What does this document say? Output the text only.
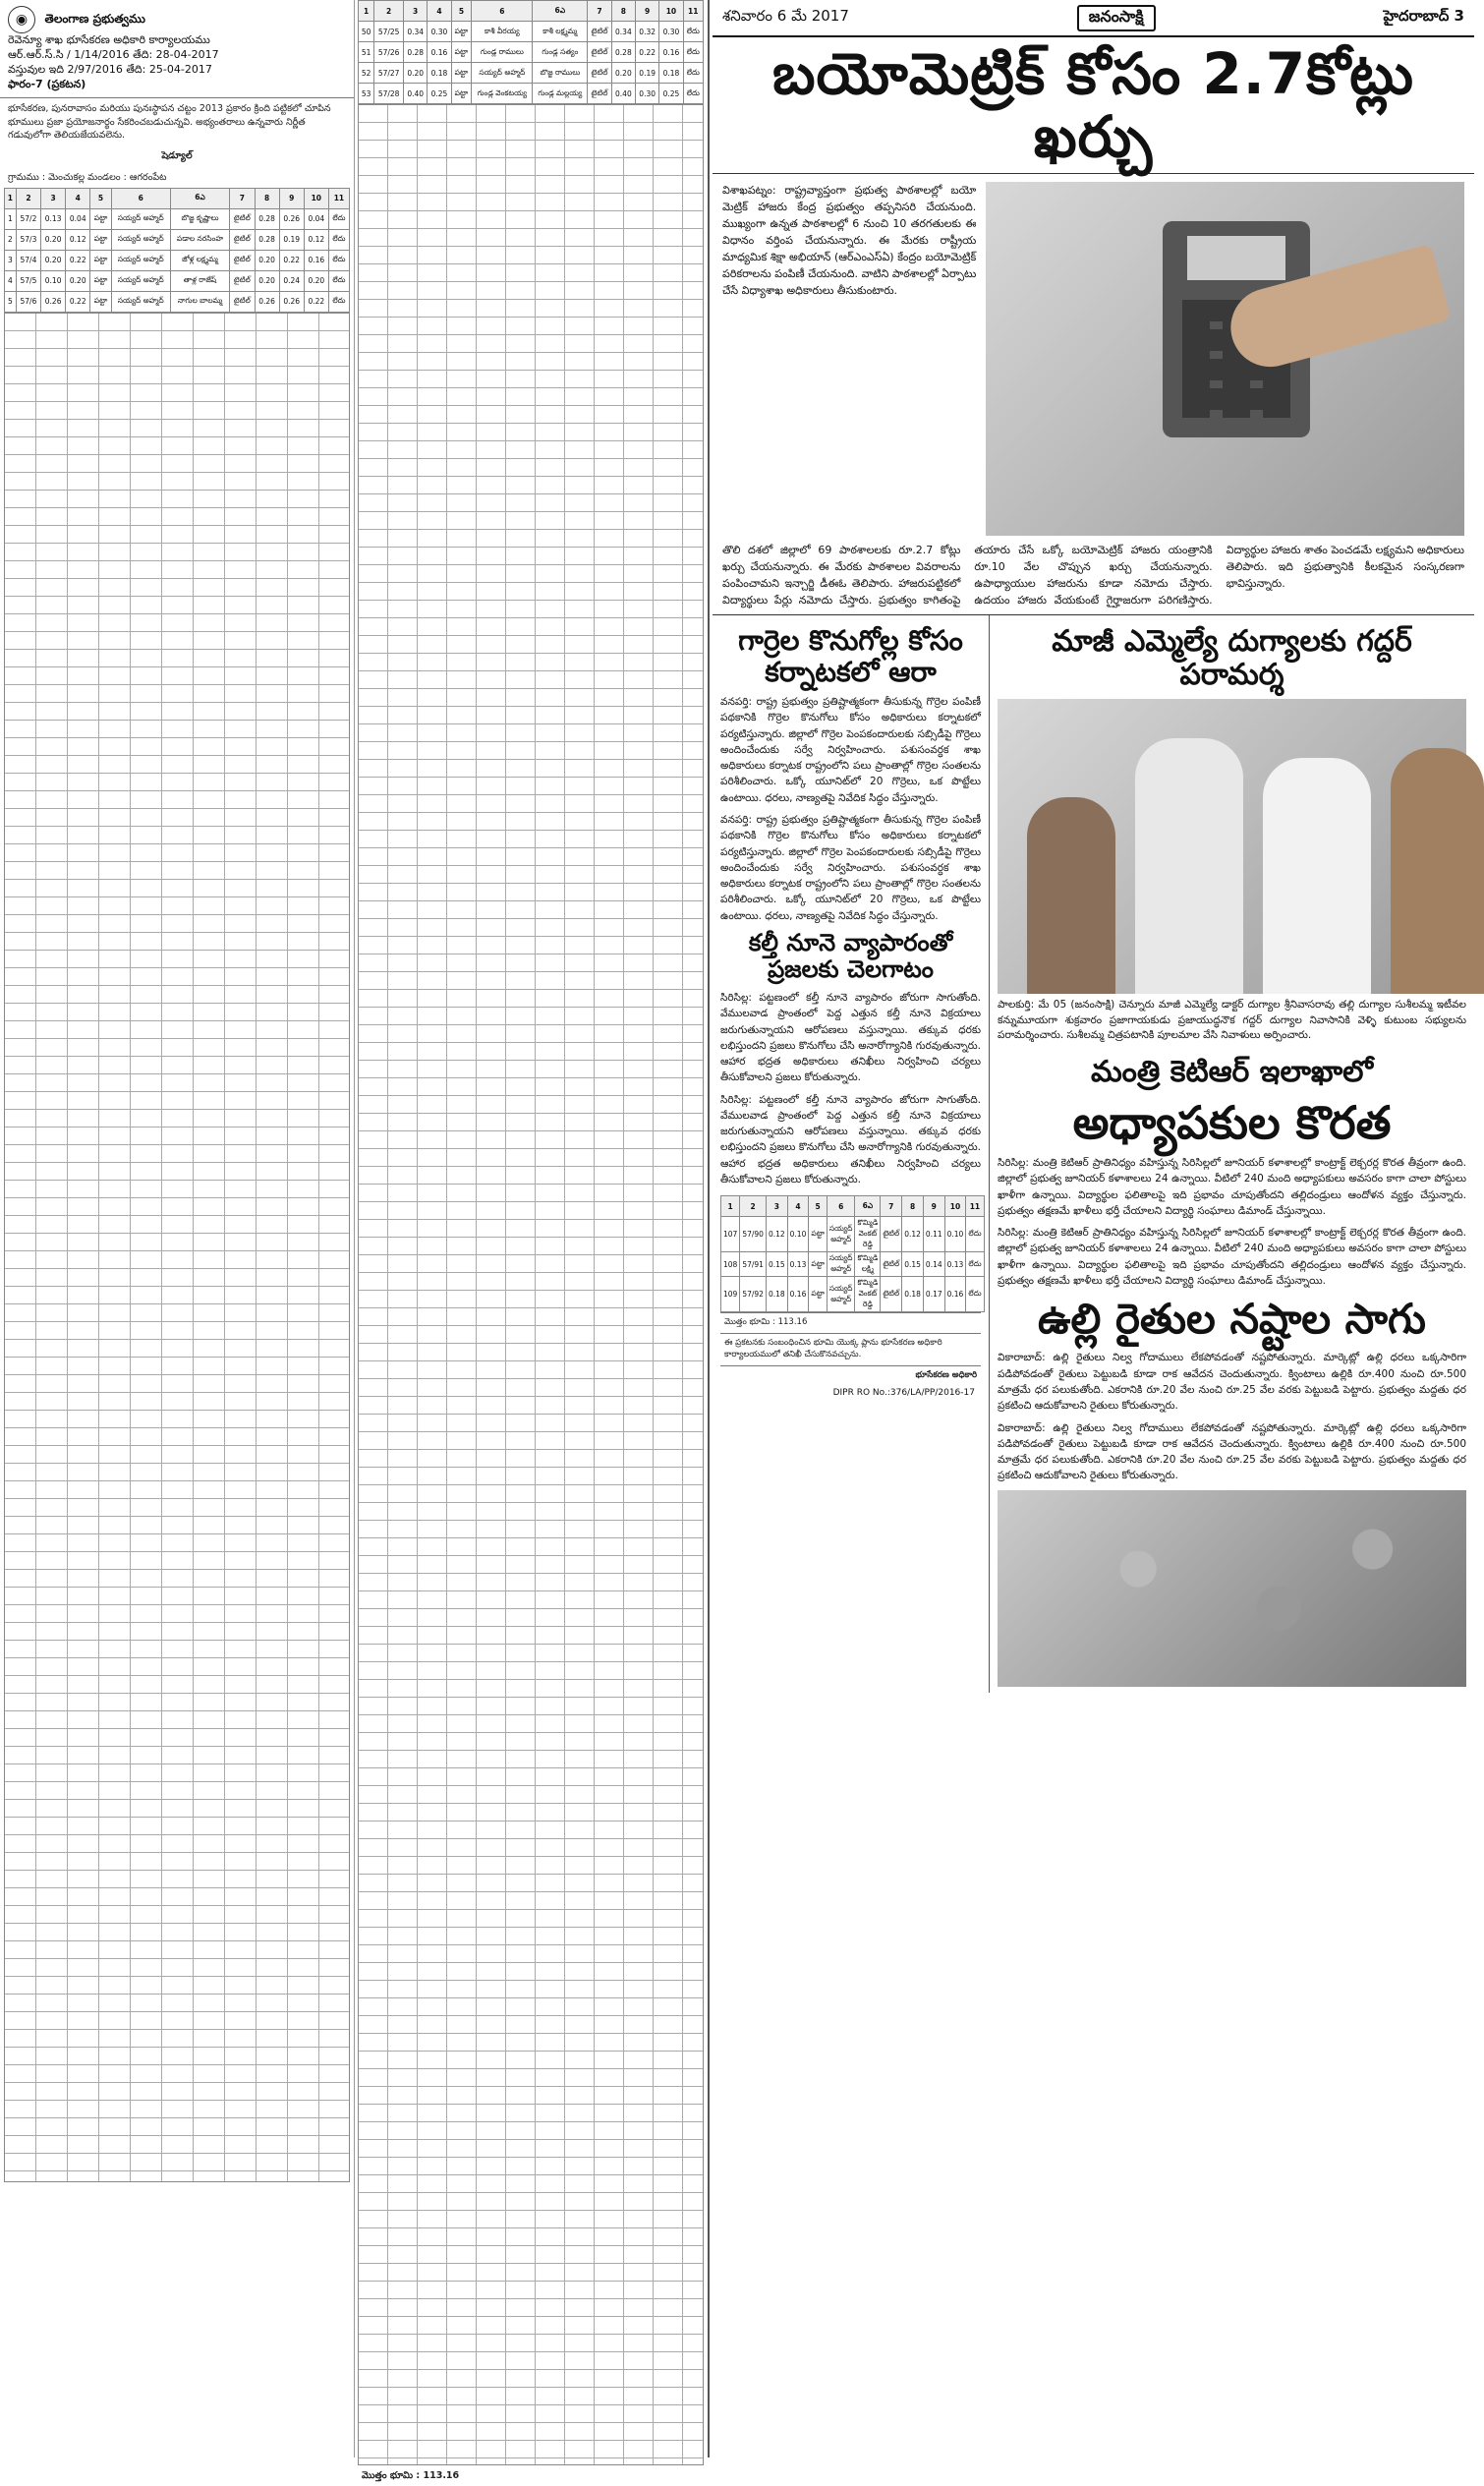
◉ తెలంగాణ ప్రభుత్వము
రెవెన్యూ శాఖ భూసేకరణ అధికారి కార్యాలయము
ఆర్.ఆర్.స్.సి / 1/14/2016 తేది: 28-04-2017
వస్తువుల ఇది 2/97/2016 తేది: 25-04-2017
ఫారం-7 (ప్రకటన)
భూసేకరణ, పునరావాసం మరియు పునఃస్థాపన చట్టం 2013 ప్రకారం క్రింది పట్టికలో చూపిన భూములు ప్రజా ప్రయోజనార్థం సేకరించబడుచున్నవి. అభ్యంతరాలు ఉన్నవారు నిర్ణీత గడువులోగా తెలియజేయవలెను.
షెడ్యూల్
గ్రామము : మెంచుకల్ల మండలం : ఆగరంపేట
1	2	3	4	5	6	6ఎ	7	8	9	10	11
1	57/2	0.13	0.04	పట్టా	సయ్యద్ అహ్మద్	బొజ్జ కృష్ణాలు	టైటిల్	0.28	0.26	0.04	లేదు
2	57/3	0.20	0.12	పట్టా	సయ్యద్ అహ్మద్	పడాల నరసింహ	టైటిల్	0.28	0.19	0.12	లేదు
3	57/4	0.20	0.22	పట్టా	సయ్యద్ అహ్మద్	జోళ్ల లక్ష్మమ్మ	టైటిల్	0.20	0.22	0.16	లేదు
4	57/5	0.10	0.20	పట్టా	సయ్యద్ అహ్మద్	తాళ్ల రాజేష్	టైటిల్	0.20	0.24	0.20	లేదు
5	57/6	0.26	0.22	పట్టా	సయ్యద్ అహ్మద్	నాగుల బాలమ్మ	టైటిల్	0.26	0.26	0.22	లేదు
1	2	3	4	5	6	6ఎ	7	8	9	10	11
50	57/25	0.34	0.30	పట్టా	కాశీ వీరయ్య	కాశీ లక్ష్మమ్మ	టైటిల్	0.34	0.32	0.30	లేదు
51	57/26	0.28	0.16	పట్టా	గుండ్ల రాములు	గుండ్ల సత్యం	టైటిల్	0.28	0.22	0.16	లేదు
52	57/27	0.20	0.18	పట్టా	సయ్యద్ అహ్మద్	బొజ్జ రాములు	టైటిల్	0.20	0.19	0.18	లేదు
53	57/28	0.40	0.25	పట్టా	గుండ్ల వెంకటయ్య	గుండ్ల మల్లయ్య	టైటిల్	0.40	0.30	0.25	లేదు
మొత్తం భూమి : 113.16
శనివారం 6 మే 2017	జనంసాక్షి	హైదరాబాద్ 3
బయోమెట్రిక్ కోసం 2.7కోట్లు ఖర్చు
విశాఖపట్నం: రాష్ట్రవ్యాప్తంగా ప్రభుత్వ పాఠశాలల్లో బయో మెట్రిక్ హాజరు కేంద్ర ప్రభుత్వం తప్పనిసరి చేయనుంది. ముఖ్యంగా ఉన్నత పాఠశాలల్లో 6 నుంచి 10 తరగతులకు ఈ విధానం వర్తింప చేయనున్నారు. ఈ మేరకు రాష్ట్రీయ మాధ్యమిక శిక్షా అభియాన్ (ఆర్ఎంఎస్ఏ) కేంద్రం బయోమెట్రిక్ పరికరాలను పంపిణీ చేయనుంది. వాటిని పాఠశాలల్లో ఏర్పాటు చేసే విధ్యాశాఖ అధికారులు తీసుకుంటారు.
తొలి దశలో జిల్లాలో 69 పాఠశాలలకు రూ.2.7 కోట్లు ఖర్చు చేయనున్నారు. ఈ మేరకు పాఠశాలల వివరాలను పంపించామని ఇన్చార్జి డీఈఓ తెలిపారు. హాజరుపట్టికలో విద్యార్థులు పేర్లు నమోదు చేస్తారు. ప్రభుత్వం కాగితంపై తయారు చేసే ఒక్కో బయోమెట్రిక్ హాజరు యంత్రానికి రూ.10 వేల చొప్పున ఖర్చు చేయనున్నారు. ఉపాధ్యాయుల హాజరును కూడా నమోదు చేస్తారు. ఉదయం హాజరు వేయకుంటే గైర్హాజరుగా పరిగణిస్తారు. విద్యార్థుల హాజరు శాతం పెంచడమే లక్ష్యమని అధికారులు తెలిపారు. ఇది ప్రభుత్వానికి కీలకమైన సంస్కరణగా భావిస్తున్నారు.
గార్రెల కొనుగోల్ల కోసం కర్నాటకలో ఆరా

వనపర్తి: రాష్ట్ర ప్రభుత్వం ప్రతిష్టాత్మకంగా తీసుకున్న గొర్రెల పంపిణీ పథకానికి గొర్రెల కొనుగోలు కోసం అధికారులు కర్నాటకలో పర్యటిస్తున్నారు. జిల్లాలో గొర్రెల పెంపకందారులకు సబ్సిడీపై గొర్రెలు అందించేందుకు సర్వే నిర్వహించారు. పశుసంవర్ధక శాఖ అధికారులు కర్నాటక రాష్ట్రంలోని పలు ప్రాంతాల్లో గొర్రెల సంతలను పరిశీలించారు. ఒక్కో యూనిట్‌లో 20 గొర్రెలు, ఒక పొట్టేలు ఉంటాయి. ధరలు, నాణ్యతపై నివేదిక సిద్ధం చేస్తున్నారు.

వనపర్తి: రాష్ట్ర ప్రభుత్వం ప్రతిష్టాత్మకంగా తీసుకున్న గొర్రెల పంపిణీ పథకానికి గొర్రెల కొనుగోలు కోసం అధికారులు కర్నాటకలో పర్యటిస్తున్నారు. జిల్లాలో గొర్రెల పెంపకందారులకు సబ్సిడీపై గొర్రెలు అందించేందుకు సర్వే నిర్వహించారు. పశుసంవర్ధక శాఖ అధికారులు కర్నాటక రాష్ట్రంలోని పలు ప్రాంతాల్లో గొర్రెల సంతలను పరిశీలించారు. ఒక్కో యూనిట్‌లో 20 గొర్రెలు, ఒక పొట్టేలు ఉంటాయి. ధరలు, నాణ్యతపై నివేదిక సిద్ధం చేస్తున్నారు.

కల్తీ నూనె వ్యాపారంతో ప్రజలకు చెలగాటం

సిరిసిల్ల: పట్టణంలో కల్తీ నూనె వ్యాపారం జోరుగా సాగుతోంది. వేములవాడ ప్రాంతంలో పెద్ద ఎత్తున కల్తీ నూనె విక్రయాలు జరుగుతున్నాయని ఆరోపణలు వస్తున్నాయి. తక్కువ ధరకు లభిస్తుందని ప్రజలు కొనుగోలు చేసి అనారోగ్యానికి గురవుతున్నారు. ఆహార భద్రత అధికారులు తనిఖీలు నిర్వహించి చర్యలు తీసుకోవాలని ప్రజలు కోరుతున్నారు.

సిరిసిల్ల: పట్టణంలో కల్తీ నూనె వ్యాపారం జోరుగా సాగుతోంది. వేములవాడ ప్రాంతంలో పెద్ద ఎత్తున కల్తీ నూనె విక్రయాలు జరుగుతున్నాయని ఆరోపణలు వస్తున్నాయి. తక్కువ ధరకు లభిస్తుందని ప్రజలు కొనుగోలు చేసి అనారోగ్యానికి గురవుతున్నారు. ఆహార భద్రత అధికారులు తనిఖీలు నిర్వహించి చర్యలు తీసుకోవాలని ప్రజలు కోరుతున్నారు.

1	2	3	4	5	6	6ఎ	7	8	9	10	11
107	57/90	0.12	0.10	పట్టా	సయ్యద్ అహ్మద్	కొమ్మిడి వెంకట్ రెడ్డి	టైటిల్	0.12	0.11	0.10	లేదు
108	57/91	0.15	0.13	పట్టా	సయ్యద్ అహ్మద్	కొమ్మిడి లక్ష్మి	టైటిల్	0.15	0.14	0.13	లేదు
109	57/92	0.18	0.16	పట్టా	సయ్యద్ అహ్మద్	కొమ్మిడి వెంకట్ రెడ్డి	టైటిల్	0.18	0.17	0.16	లేదు
మొత్తం భూమి : 113.16
ఈ ప్రకటనకు సంబంధించిన భూమి యొక్క ప్లాను భూసేకరణ అధికారి కార్యాలయములో తనిఖీ చేసుకొనవచ్చును.
భూసేకరణ అధికారి
DIPR RO No.:376/LA/PP/2016-17
మాజీ ఎమ్మెల్యే దుగ్యాలకు గద్దర్ పరామర్శ
పాలకుర్తి: మే 05 (జనంసాక్షి) చెన్నూరు మాజీ ఎమ్మెల్యే డాక్టర్ దుగ్యాల శ్రీనివాసరావు తల్లి దుగ్యాల సుశీలమ్మ ఇటీవల కన్నుమూయగా శుక్రవారం ప్రజాగాయకుడు ప్రజాయుద్ధనౌక గద్దర్ దుగ్యాల నివాసానికి వెళ్ళి కుటుంబ సభ్యులను పరామర్శించారు. సుశీలమ్మ చిత్రపటానికి పూలమాల వేసి నివాళులు అర్పించారు.
మంత్రి కెటిఆర్ ఇలాఖాలో
అధ్యాపకుల కొరత

సిరిసిల్ల: మంత్రి కెటిఆర్ ప్రాతినిధ్యం వహిస్తున్న సిరిసిల్లలో జూనియర్ కళాశాలల్లో కాంట్రాక్ట్ లెక్చరర్ల కొరత తీవ్రంగా ఉంది. జిల్లాలో ప్రభుత్వ జూనియర్ కళాశాలలు 24 ఉన్నాయి. వీటిలో 240 మంది అధ్యాపకులు అవసరం కాగా చాలా పోస్టులు ఖాళీగా ఉన్నాయి. విద్యార్థుల ఫలితాలపై ఇది ప్రభావం చూపుతోందని తల్లిదండ్రులు ఆందోళన వ్యక్తం చేస్తున్నారు. ప్రభుత్వం తక్షణమే ఖాళీలు భర్తీ చేయాలని విద్యార్థి సంఘాలు డిమాండ్ చేస్తున్నాయి.

సిరిసిల్ల: మంత్రి కెటిఆర్ ప్రాతినిధ్యం వహిస్తున్న సిరిసిల్లలో జూనియర్ కళాశాలల్లో కాంట్రాక్ట్ లెక్చరర్ల కొరత తీవ్రంగా ఉంది. జిల్లాలో ప్రభుత్వ జూనియర్ కళాశాలలు 24 ఉన్నాయి. వీటిలో 240 మంది అధ్యాపకులు అవసరం కాగా చాలా పోస్టులు ఖాళీగా ఉన్నాయి. విద్యార్థుల ఫలితాలపై ఇది ప్రభావం చూపుతోందని తల్లిదండ్రులు ఆందోళన వ్యక్తం చేస్తున్నారు. ప్రభుత్వం తక్షణమే ఖాళీలు భర్తీ చేయాలని విద్యార్థి సంఘాలు డిమాండ్ చేస్తున్నాయి.

ఉల్లి రైతుల నష్టాల సాగు

వికారాబాద్: ఉల్లి రైతులు నిల్వ గోదాములు లేకపోవడంతో నష్టపోతున్నారు. మార్కెట్లో ఉల్లి ధరలు ఒక్కసారిగా పడిపోవడంతో రైతులు పెట్టుబడి కూడా రాక ఆవేదన చెందుతున్నారు. క్వింటాలు ఉల్లికి రూ.400 నుంచి రూ.500 మాత్రమే ధర పలుకుతోంది. ఎకరానికి రూ.20 వేల నుంచి రూ.25 వేల వరకు పెట్టుబడి పెట్టారు. ప్రభుత్వం మద్దతు ధర ప్రకటించి ఆదుకోవాలని రైతులు కోరుతున్నారు.

వికారాబాద్: ఉల్లి రైతులు నిల్వ గోదాములు లేకపోవడంతో నష్టపోతున్నారు. మార్కెట్లో ఉల్లి ధరలు ఒక్కసారిగా పడిపోవడంతో రైతులు పెట్టుబడి కూడా రాక ఆవేదన చెందుతున్నారు. క్వింటాలు ఉల్లికి రూ.400 నుంచి రూ.500 మాత్రమే ధర పలుకుతోంది. ఎకరానికి రూ.20 వేల నుంచి రూ.25 వేల వరకు పెట్టుబడి పెట్టారు. ప్రభుత్వం మద్దతు ధర ప్రకటించి ఆదుకోవాలని రైతులు కోరుతున్నారు.
